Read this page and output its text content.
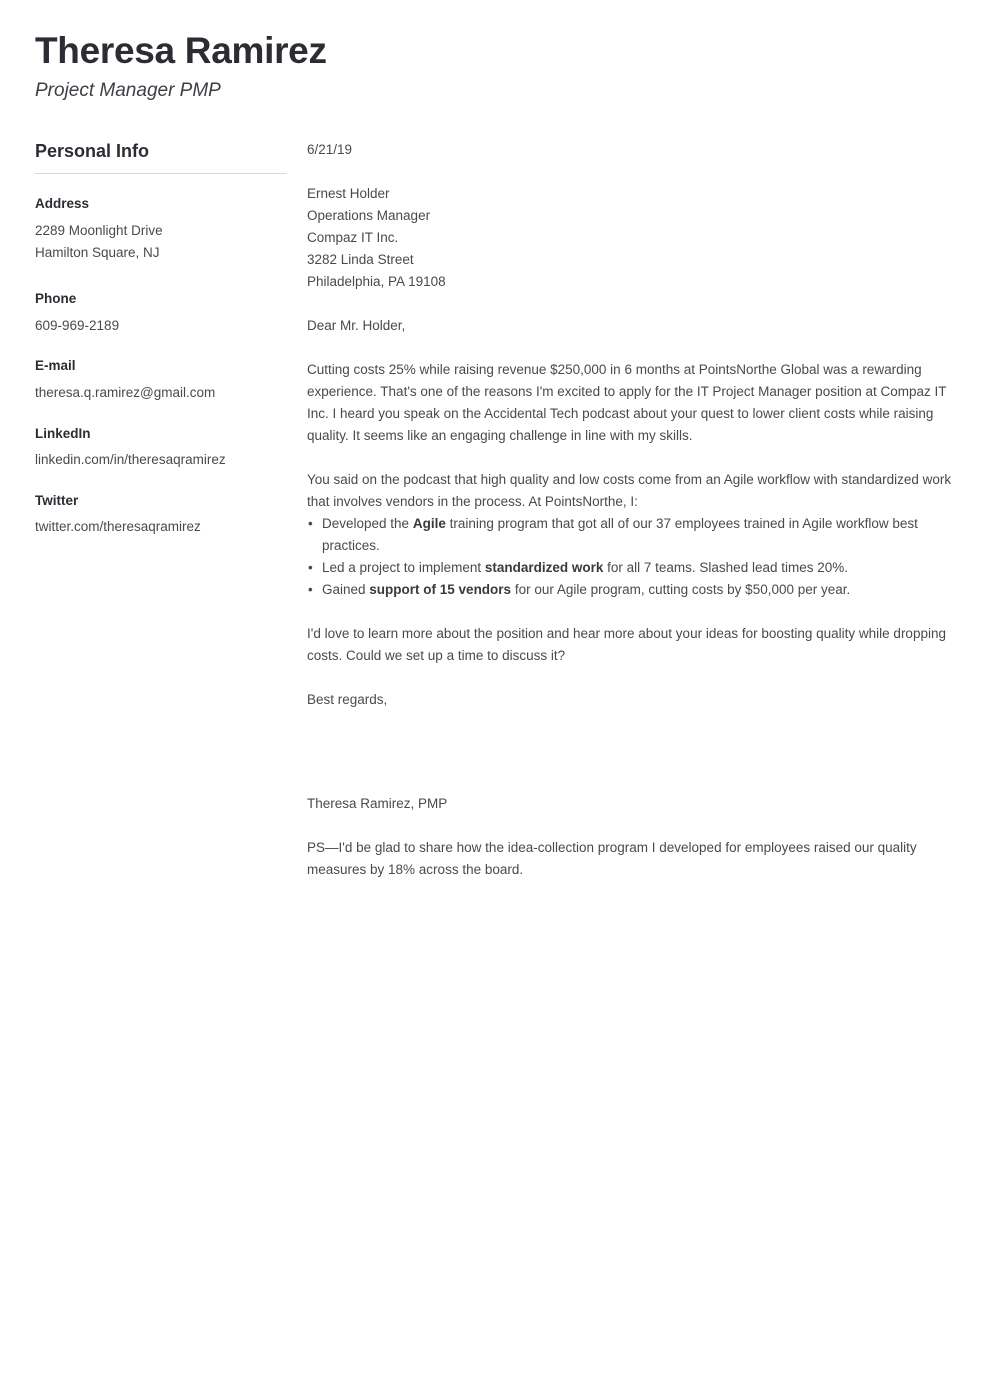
Theresa Ramirez
Project Manager PMP
Personal Info
Address
2289 Moonlight Drive
Hamilton Square, NJ
Phone
609-969-2189
E-mail
theresa.q.ramirez@gmail.com
LinkedIn
linkedin.com/in/theresaqramirez
Twitter
twitter.com/theresaqramirez

6/21/19

Ernest Holder

Operations Manager

Compaz IT Inc.

3282 Linda Street

Philadelphia, PA 19108

Dear Mr. Holder,

Cutting costs 25% while raising revenue $250,000 in 6 months at PointsNorthe Global was a rewarding experience. That's one of the reasons I'm excited to apply for the IT Project Manager position at Compaz IT Inc. I heard you speak on the Accidental Tech podcast about your quest to lower client costs while raising quality. It seems like an engaging challenge in line with my skills.

You said on the podcast that high quality and low costs come from an Agile workflow with standardized work that involves vendors in the process. At PointsNorthe, I:

• Developed the Agile training program that got all of our 37 employees trained in Agile workflow best practices.
• Led a project to implement standardized work for all 7 teams. Slashed lead times 20%.
• Gained support of 15 vendors for our Agile program, cutting costs by $50,000 per year.

I'd love to learn more about the position and hear more about your ideas for boosting quality while dropping costs. Could we set up a time to discuss it?

Best regards,

Theresa Ramirez, PMP

PS—I'd be glad to share how the idea-collection program I developed for employees raised our quality measures by 18% across the board.
